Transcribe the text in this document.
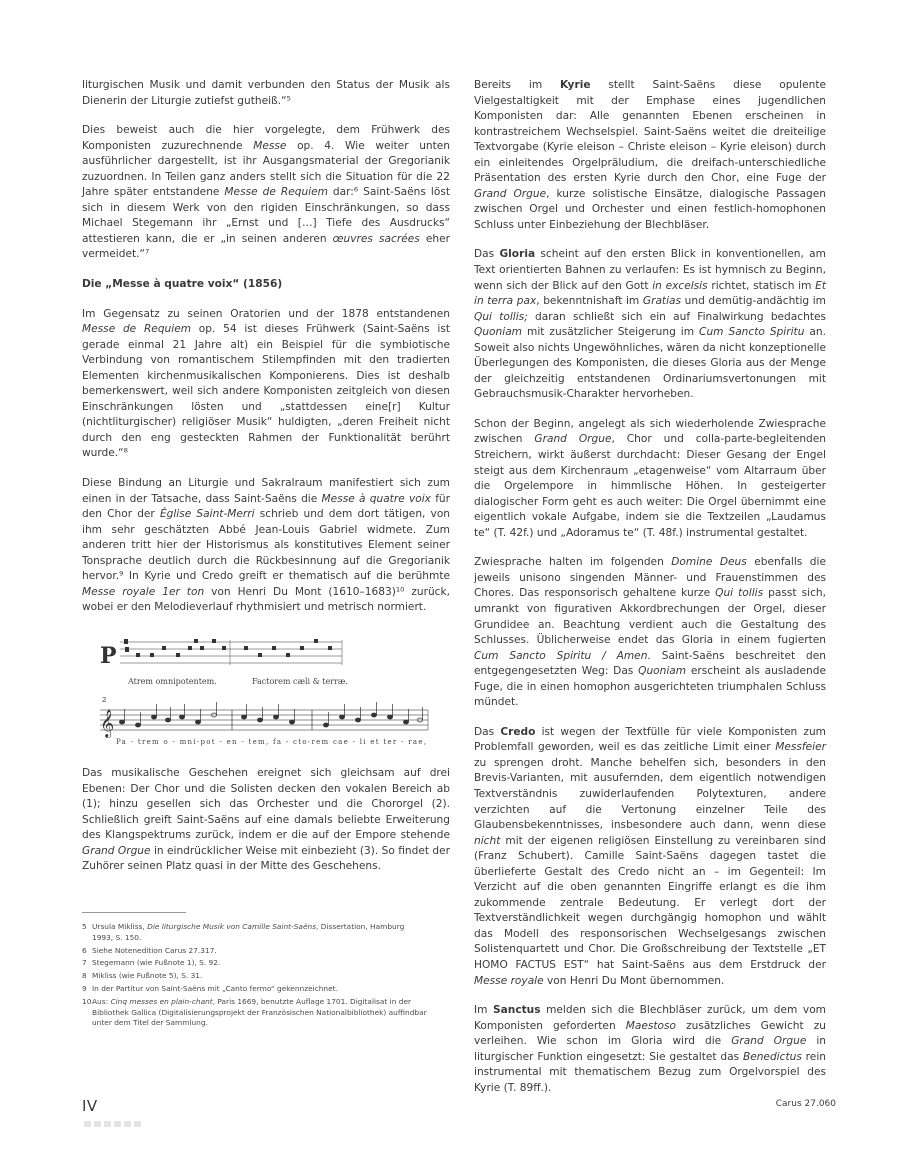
liturgischen Musik und damit verbunden den Status der Musik als Dienerin der Liturgie zutiefst gutheiß.“⁵

Dies beweist auch die hier vorgelegte, dem Frühwerk des Komponisten zuzurechnende Messe op. 4. Wie weiter unten ausführlicher dargestellt, ist ihr Ausgangsmaterial der Gregorianik zuzuordnen. In Teilen ganz anders stellt sich die Situation für die 22 Jahre später entstandene Messe de Requiem dar:⁶ Saint-Saëns löst sich in diesem Werk von den rigiden Einschränkungen, so dass Michael Stegemann ihr „Ernst und […] Tiefe des Ausdrucks“ attestieren kann, die er „in seinen anderen œuvres sacrées eher vermeidet.“⁷

Die „Messe à quatre voix“ (1856)

Im Gegensatz zu seinen Oratorien und der 1878 entstandenen Messe de Requiem op. 54 ist dieses Frühwerk (Saint-Saëns ist gerade einmal 21 Jahre alt) ein Beispiel für die symbiotische Verbindung von romantischem Stilempfinden mit den tradierten Elementen kirchenmusikalischen Komponierens. Dies ist deshalb bemerkenswert, weil sich andere Komponisten zeitgleich von diesen Einschränkungen lösten und „stattdessen eine[r] Kultur (nichtliturgischer) religiöser Musik“ huldigten, „deren Freiheit nicht durch den eng gesteckten Rahmen der Funktionalität berührt wurde.“⁸

Diese Bindung an Liturgie und Sakralraum manifestiert sich zum einen in der Tatsache, dass Saint-Saëns die Messe à quatre voix für den Chor der Église Saint-Merri schrieb und dem dort tätigen, von ihm sehr geschätzten Abbé Jean-Louis Gabriel widmete. Zum anderen tritt hier der Historismus als konstitutives Element seiner Tonsprache deutlich durch die Rückbesinnung auf die Gregorianik hervor.⁹ In Kyrie und Credo greift er thematisch auf die berühmte Messe royale 1er ton von Henri Du Mont (1610–1683)¹⁰ zurück, wobei er den Melodieverlauf rhythmisiert und metrisch normiert.

P
Atrem omnipotentem.	Factorem cæli & terræ.
2
𝄞
Pa - trem o - mni-pot - en - tem, fa - cto-rem cae - li et ter - rae,

Das musikalische Geschehen ereignet sich gleichsam auf drei Ebenen: Der Chor und die Solisten decken den vokalen Bereich ab (1); hinzu gesellen sich das Orchester und die Chororgel (2). Schließlich greift Saint-Saëns auf eine damals beliebte Erweiterung des Klangspektrums zurück, indem er die auf der Empore stehende Grand Orgue in eindrücklicher Weise mit einbezieht (3). So findet der Zuhörer seinen Platz quasi in der Mitte des Geschehens.

Bereits im Kyrie stellt Saint-Saëns diese opulente Vielgestaltigkeit mit der Emphase eines jugendlichen Komponisten dar: Alle genannten Ebenen erscheinen in kontrastreichem Wechselspiel. Saint-Saëns weitet die dreiteilige Textvorgabe (Kyrie eleison – Christe eleison – Kyrie eleison) durch ein einleitendes Orgelpräludium, die dreifach-unterschiedliche Präsentation des ersten Kyrie durch den Chor, eine Fuge der Grand Orgue, kurze solistische Einsätze, dialogische Passagen zwischen Orgel und Orchester und einen festlich-homophonen Schluss unter Einbeziehung der Blechbläser.

Das Gloria scheint auf den ersten Blick in konventionellen, am Text orientierten Bahnen zu verlaufen: Es ist hymnisch zu Beginn, wenn sich der Blick auf den Gott in excelsis richtet, statisch im Et in terra pax, bekenntnishaft im Gratias und demütig-andächtig im Qui tollis; daran schließt sich ein auf Finalwirkung bedachtes Quoniam mit zusätzlicher Steigerung im Cum Sancto Spiritu an. Soweit also nichts Ungewöhnliches, wären da nicht konzeptionelle Überlegungen des Komponisten, die dieses Gloria aus der Menge der gleichzeitig entstandenen Ordinariumsvertonungen mit Gebrauchsmusik-Charakter hervorheben.

Schon der Beginn, angelegt als sich wiederholende Zwiesprache zwischen Grand Orgue, Chor und colla-parte-begleitenden Streichern, wirkt äußerst durchdacht: Dieser Gesang der Engel steigt aus dem Kirchenraum „etagenweise“ vom Altarraum über die Orgelempore in himmlische Höhen. In gesteigerter dialogischer Form geht es auch weiter: Die Orgel übernimmt eine eigentlich vokale Aufgabe, indem sie die Textzeilen „Laudamus te“ (T. 42f.) und „Adoramus te“ (T. 48f.) instrumental gestaltet.

Zwiesprache halten im folgenden Domine Deus ebenfalls die jeweils unisono singenden Männer- und Frauenstimmen des Chores. Das responsorisch gehaltene kurze Qui tollis passt sich, umrankt von figurativen Akkordbrechungen der Orgel, dieser Grundidee an. Beachtung verdient auch die Gestaltung des Schlusses. Üblicherweise endet das Gloria in einem fugierten Cum Sancto Spiritu / Amen. Saint-Saëns beschreitet den entgegengesetzten Weg: Das Quoniam erscheint als ausladende Fuge, die in einen homophon ausgerichteten triumphalen Schluss mündet.

Das Credo ist wegen der Textfülle für viele Komponisten zum Problemfall geworden, weil es das zeitliche Limit einer Messfeier zu sprengen droht. Manche behelfen sich, besonders in den Brevis-Varianten, mit ausufernden, dem eigentlich notwendigen Textverständnis zuwiderlaufenden Polytexturen, andere verzichten auf die Vertonung einzelner Teile des Glaubensbekenntnisses, insbesondere auch dann, wenn diese nicht mit der eigenen religiösen Einstellung zu vereinbaren sind (Franz Schubert). Camille Saint-Saëns dagegen tastet die überlieferte Gestalt des Credo nicht an – im Gegenteil: Im Verzicht auf die oben genannten Eingriffe erlangt es die ihm zukommende zentrale Bedeutung. Er verlegt dort der Textverständlichkeit wegen durchgängig homophon und wählt das Modell des responsorischen Wechselgesangs zwischen Solistenquartett und Chor. Die Großschreibung der Textstelle „ET HOMO FACTUS EST“ hat Saint-Saëns aus dem Erstdruck der Messe royale von Henri Du Mont übernommen.

Im Sanctus melden sich die Blechbläser zurück, um dem vom Komponisten geforderten Maestoso zusätzliches Gewicht zu verleihen. Wie schon im Gloria wird die Grand Orgue in liturgischer Funktion eingesetzt: Sie gestaltet das Benedictus rein instrumental mit thematischem Bezug zum Orgelvorspiel des Kyrie (T. 89ff.).

5 Ursula Mikliss, Die liturgische Musik von Camille Saint-Saëns, Dissertation, Hamburg 1993, S. 150.
6 Siehe Notenedition Carus 27.317.
7 Stegemann (wie Fußnote 1), S. 92.
8 Mikliss (wie Fußnote 5), S. 31.
9 In der Partitur von Saint-Saëns mit „Canto fermo“ gekennzeichnet.
10 Aus: Cinq messes en plain-chant, Paris 1669, benutzte Auflage 1701. Digitalisat in der Bibliothek Gallica (Digitalisierungsprojekt der Französischen Nationalbibliothek) auffindbar unter dem Titel der Sammlung.
IV	Carus 27.060
